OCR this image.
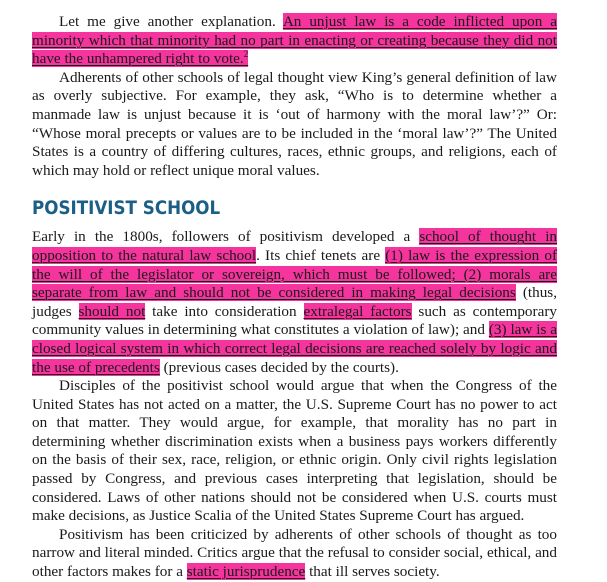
Let me give another explanation. An unjust law is a code inflicted upon a minority which that minority had no part in enacting or creating because they did not have the unhampered right to vote.$^2$

Adherents of other schools of legal thought view King’s general definition of law as overly subjective. For example, they ask, “Who is to determine whether a manmade law is unjust because it is ‘out of harmony with the moral law’?” Or: “Whose moral precepts or values are to be included in the ‘moral law’?” The United States is a country of differing cultures, races, ethnic groups, and religions, each of which may hold or reflect unique moral values.

POSITIVIST SCHOOL

Early in the 1800s, followers of positivism developed a school of thought in opposition to the natural law school. Its chief tenets are (1) law is the expression of the will of the legislator or sovereign, which must be followed; (2) morals are separate from law and should not be considered in making legal decisions (thus, judges should not take into consideration extralegal factors such as contemporary community values in determining what constitutes a violation of law); and (3) law is a closed logical system in which correct legal decisions are reached solely by logic and the use of precedents (previous cases decided by the courts).

Disciples of the positivist school would argue that when the Congress of the United States has not acted on a matter, the U.S. Supreme Court has no power to act on that matter. They would argue, for example, that morality has no part in determining whether discrimination exists when a business pays workers differently on the basis of their sex, race, religion, or ethnic origin. Only civil rights legislation passed by Congress, and previous cases interpreting that legislation, should be considered. Laws of other nations should not be considered when U.S. courts must make decisions, as Justice Scalia of the United States Supreme Court has argued.

Positivism has been criticized by adherents of other schools of thought as too narrow and literal minded. Critics argue that the refusal to consider social, ethical, and other factors makes for a static jurisprudence that ill serves society.
